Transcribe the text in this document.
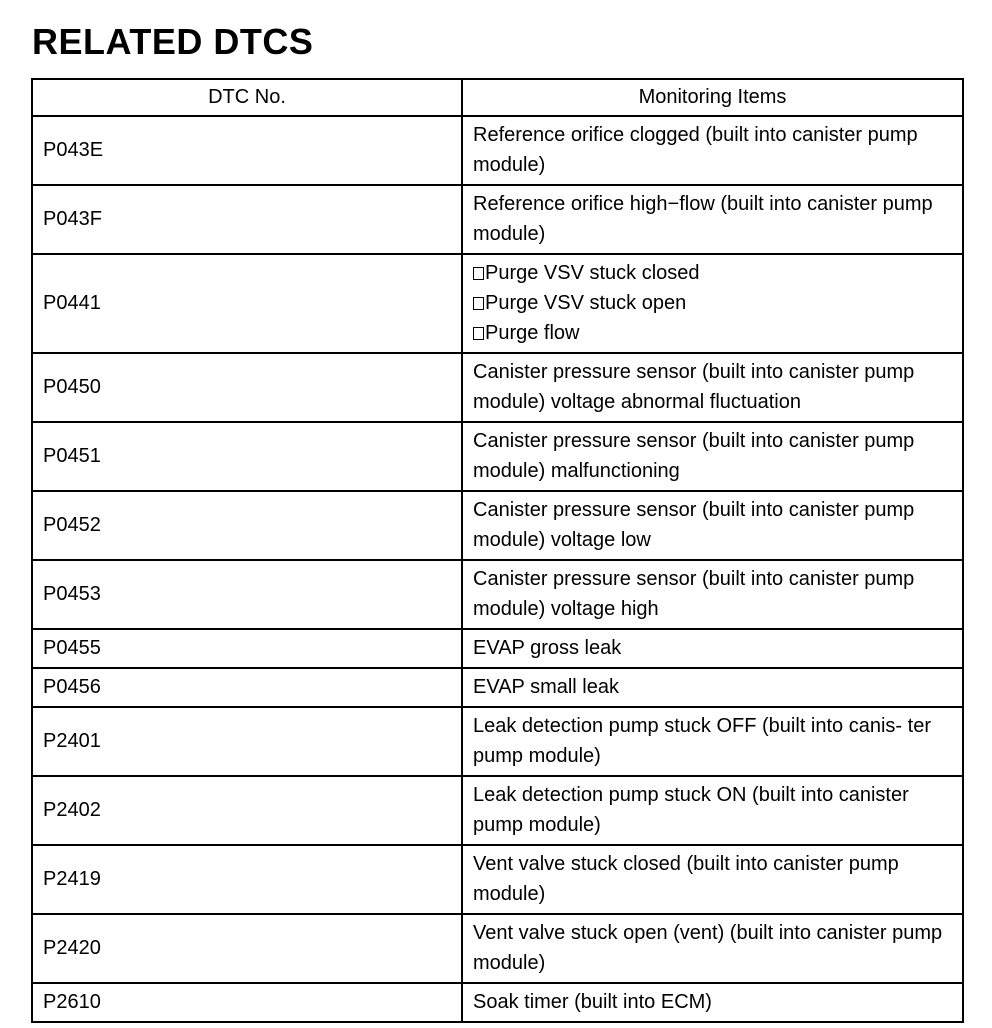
RELATED DTCS
DTC No.	Monitoring Items
P043E	Reference orifice clogged (built into canister pump module)

P043F	Reference orifice high−flow (built into canister pump module)

P0441	Purge VSV stuck closed
Purge VSV stuck open
Purge flow

P0450	Canister pressure sensor (built into canister pump module) voltage abnormal fluctuation

P0451	Canister pressure sensor (built into canister pump module) malfunctioning

P0452	Canister pressure sensor (built into canister pump module) voltage low

P0453	Canister pressure sensor (built into canister pump module) voltage high

P0455	EVAP gross leak

P0456	EVAP small leak

P2401	Leak detection pump stuck OFF (built into canis- ter pump module)

P2402	Leak detection pump stuck ON (built into canister pump module)

P2419	Vent valve stuck closed (built into canister pump module)

P2420	Vent valve stuck open (vent) (built into canister pump module)

P2610	Soak timer (built into ECM)
